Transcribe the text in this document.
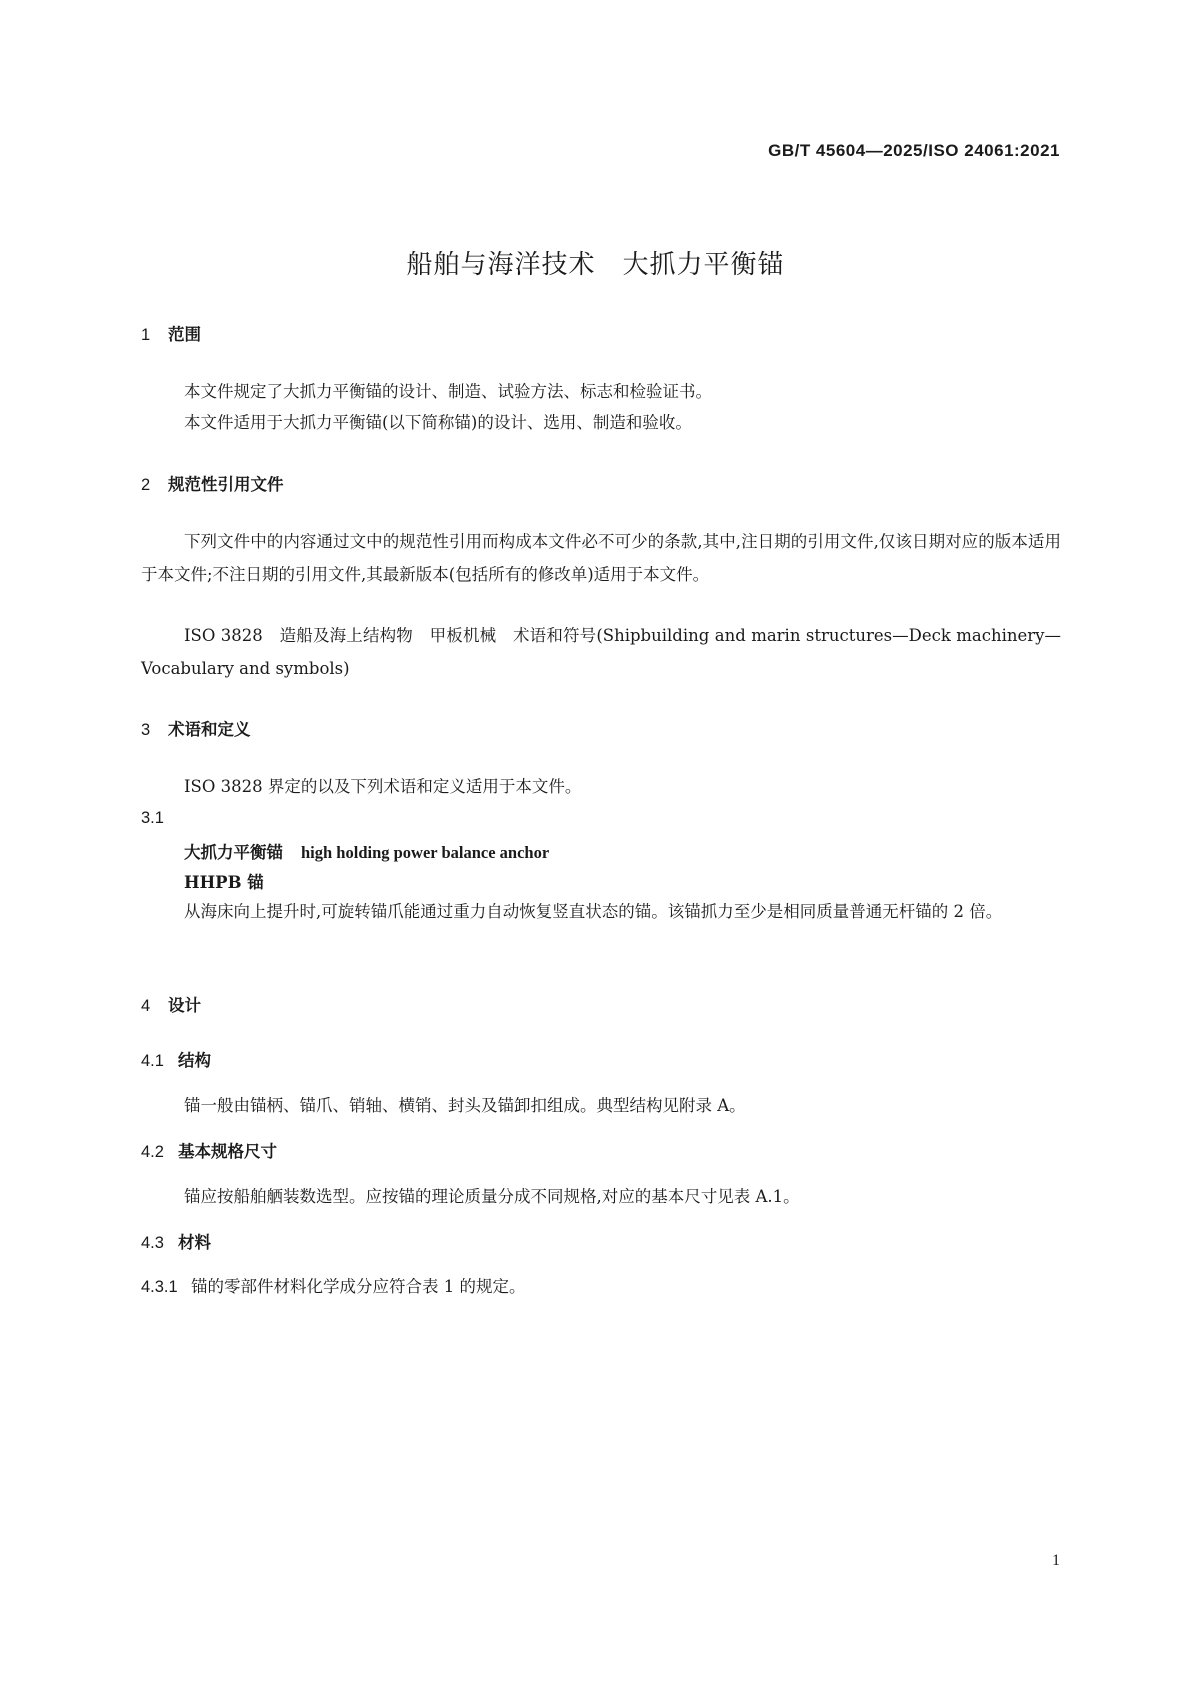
GB/T 45604—2025/ISO 24061:2021

船舶与海洋技术　大抓力平衡锚
1 范围

本文件规定了大抓力平衡锚的设计、制造、试验方法、标志和检验证书。

本文件适用于大抓力平衡锚(以下简称锚)的设计、选用、制造和验收。

2 规范性引用文件

下列文件中的内容通过文中的规范性引用而构成本文件必不可少的条款,其中,注日期的引用文件,仅该日期对应的版本适用于本文件;不注日期的引用文件,其最新版本(包括所有的修改单)适用于本文件。

ISO 3828　造船及海上结构物　甲板机械　术语和符号(Shipbuilding and marin structures—Deck machinery—Vocabulary and symbols)

3 术语和定义

ISO 3828 界定的以及下列术语和定义适用于本文件。

3.1

大抓力平衡锚 high holding power balance anchor

HHPB 锚

从海床向上提升时,可旋转锚爪能通过重力自动恢复竖直状态的锚。该锚抓力至少是相同质量普通无杆锚的 2 倍。

4 设计
4.1 结构

锚一般由锚柄、锚爪、销轴、横销、封头及锚卸扣组成。典型结构见附录 A。

4.2 基本规格尺寸

锚应按船舶舾装数选型。应按锚的理论质量分成不同规格,对应的基本尺寸见表 A.1。

4.3 材料

4.3.1 锚的零部件材料化学成分应符合表 1 的规定。

1
